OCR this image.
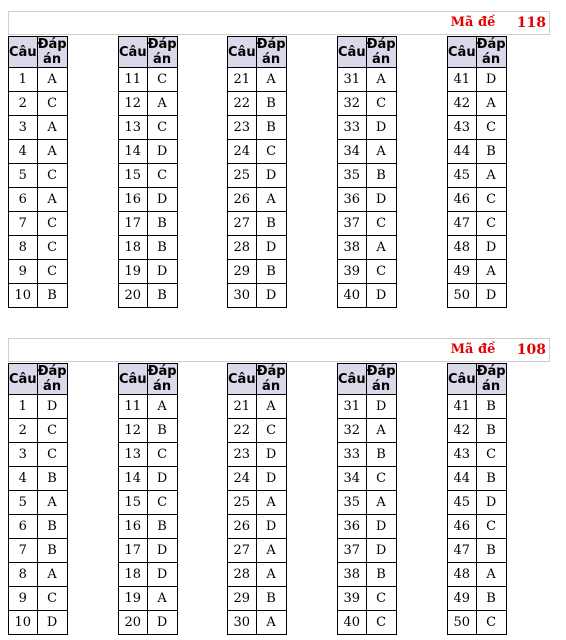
Mã đề	118
Câu	Đáp án
1	A
2	C
3	A
4	A
5	C
6	A
7	C
8	C
9	C
10	B
Câu	Đáp án
11	C
12	A
13	C
14	D
15	C
16	D
17	B
18	B
19	D
20	B
Câu	Đáp án
21	A
22	B
23	B
24	C
25	D
26	A
27	B
28	D
29	B
30	D
Câu	Đáp án
31	A
32	C
33	D
34	A
35	B
36	D
37	C
38	A
39	C
40	D
Câu	Đáp án
41	D
42	A
43	C
44	B
45	A
46	C
47	C
48	D
49	A
50	D
Mã đề	108
Câu	Đáp án
1	D
2	C
3	C
4	B
5	A
6	B
7	B
8	A
9	C
10	D
Câu	Đáp án
11	A
12	B
13	C
14	D
15	C
16	B
17	D
18	D
19	A
20	D
Câu	Đáp án
21	A
22	C
23	D
24	D
25	A
26	D
27	A
28	A
29	B
30	A
Câu	Đáp án
31	D
32	A
33	B
34	C
35	A
36	D
37	D
38	B
39	C
40	C
Câu	Đáp án
41	B
42	B
43	C
44	B
45	D
46	C
47	B
48	A
49	B
50	C
